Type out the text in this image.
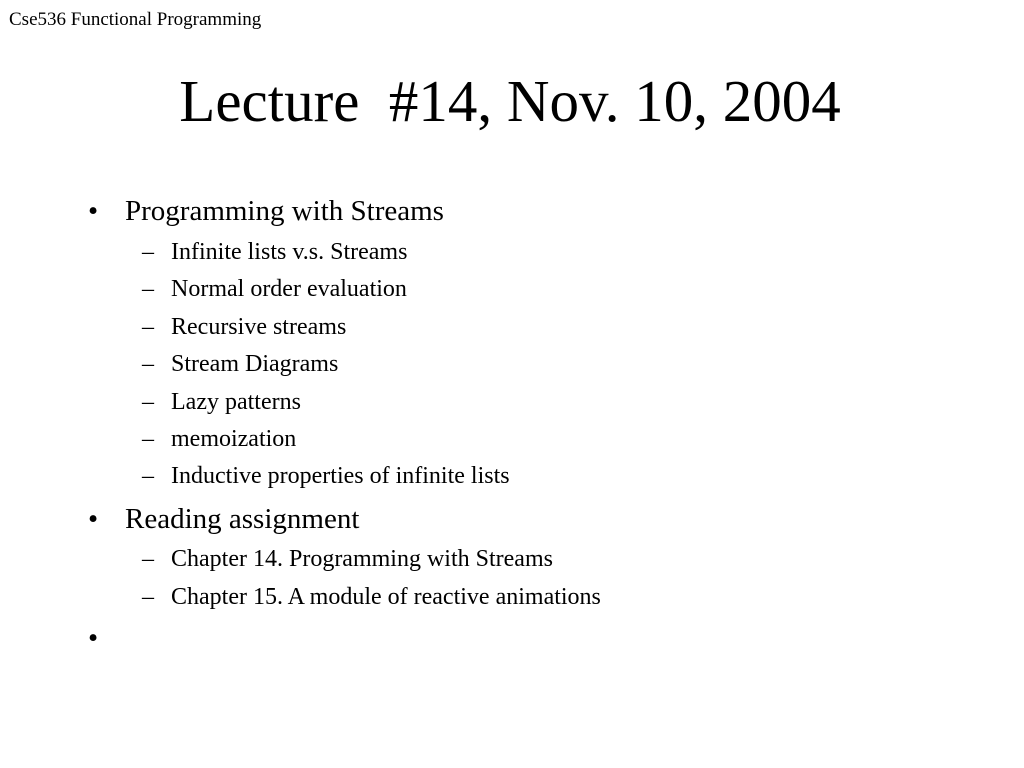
Cse536 Functional Programming
Lecture  #14, Nov. 10, 2004
• Programming with Streams
– Infinite lists v.s. Streams
– Normal order evaluation
– Recursive streams
– Stream Diagrams
– Lazy patterns
– memoization
– Inductive properties of infinite lists
• Reading assignment
– Chapter 14. Programming with Streams
– Chapter 15. A module of reactive animations
•
